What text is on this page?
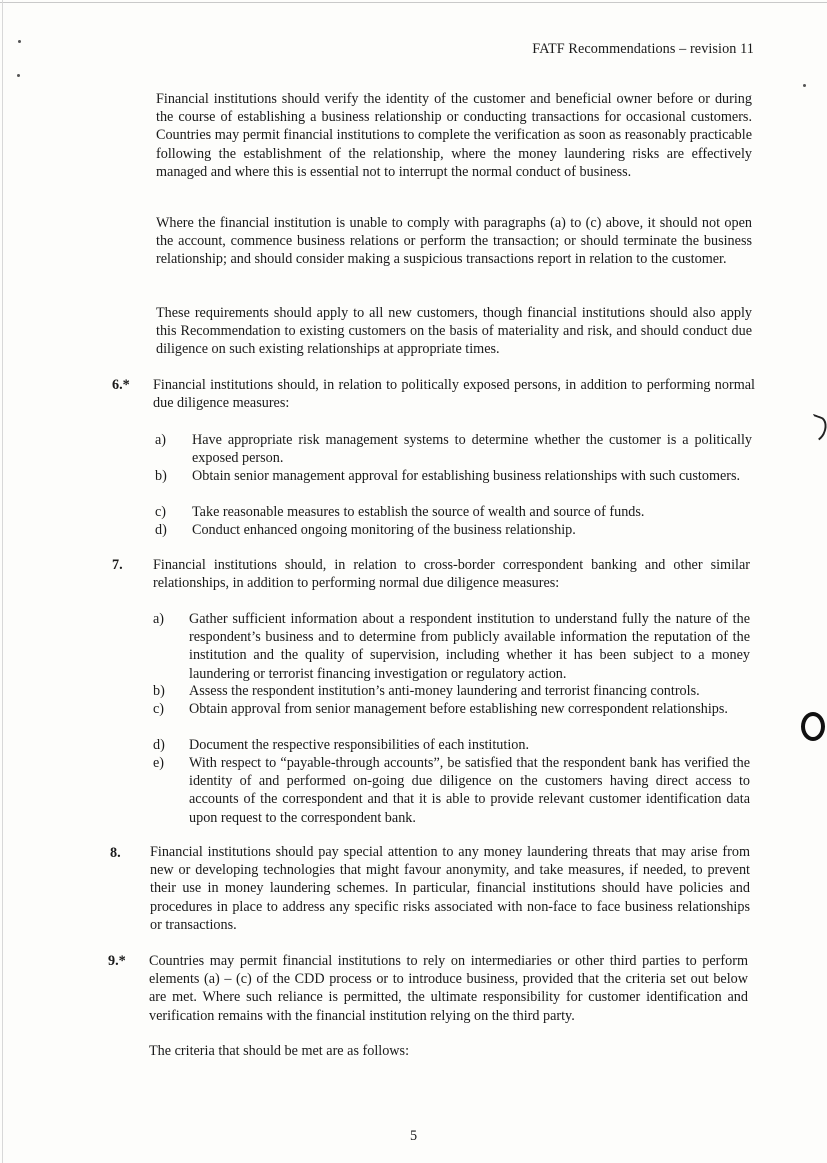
FATF Recommendations – revision 11

Financial institutions should verify the identity of the customer and beneficial owner before or during the course of establishing a business relationship or conducting transactions for occasional customers. Countries may permit financial institutions to complete the verification as soon as reasonably practicable following the establishment of the relationship, where the money laundering risks are effectively managed and where this is essential not to interrupt the normal conduct of business.

Where the financial institution is unable to comply with paragraphs (a) to (c) above, it should not open the account, commence business relations or perform the transaction; or should terminate the business relationship; and should consider making a suspicious transactions report in relation to the customer.

These requirements should apply to all new customers, though financial institutions should also apply this Recommendation to existing customers on the basis of materiality and risk, and should conduct due diligence on such existing relationships at appropriate times.

6.* Financial institutions should, in relation to politically exposed persons, in addition to performing normal due diligence measures:

a) Have appropriate risk management systems to determine whether the customer is a politically exposed person.
b) Obtain senior management approval for establishing business relationships with such customers.
c) Take reasonable measures to establish the source of wealth and source of funds.
d) Conduct enhanced ongoing monitoring of the business relationship.
7. Financial institutions should, in relation to cross-border correspondent banking and other similar relationships, in addition to performing normal due diligence measures:

a) Gather sufficient information about a respondent institution to understand fully the nature of the respondent’s business and to determine from publicly available information the reputation of the institution and the quality of supervision, including whether it has been subject to a money laundering or terrorist financing investigation or regulatory action.
b) Assess the respondent institution’s anti-money laundering and terrorist financing controls.
c) Obtain approval from senior management before establishing new correspondent relationships.
d) Document the respective responsibilities of each institution.
e) With respect to “payable-through accounts”, be satisfied that the respondent bank has verified the identity of and performed on-going due diligence on the customers having direct access to accounts of the correspondent and that it is able to provide relevant customer identification data upon request to the correspondent bank.
8. Financial institutions should pay special attention to any money laundering threats that may arise from new or developing technologies that might favour anonymity, and take measures, if needed, to prevent their use in money laundering schemes. In particular, financial institutions should have policies and procedures in place to address any specific risks associated with non-face to face business relationships or transactions.

9.* Countries may permit financial institutions to rely on intermediaries or other third parties to perform elements (a) – (c) of the CDD process or to introduce business, provided that the criteria set out below are met. Where such reliance is permitted, the ultimate responsibility for customer identification and verification remains with the financial institution relying on the third party.

The criteria that should be met are as follows:

5
